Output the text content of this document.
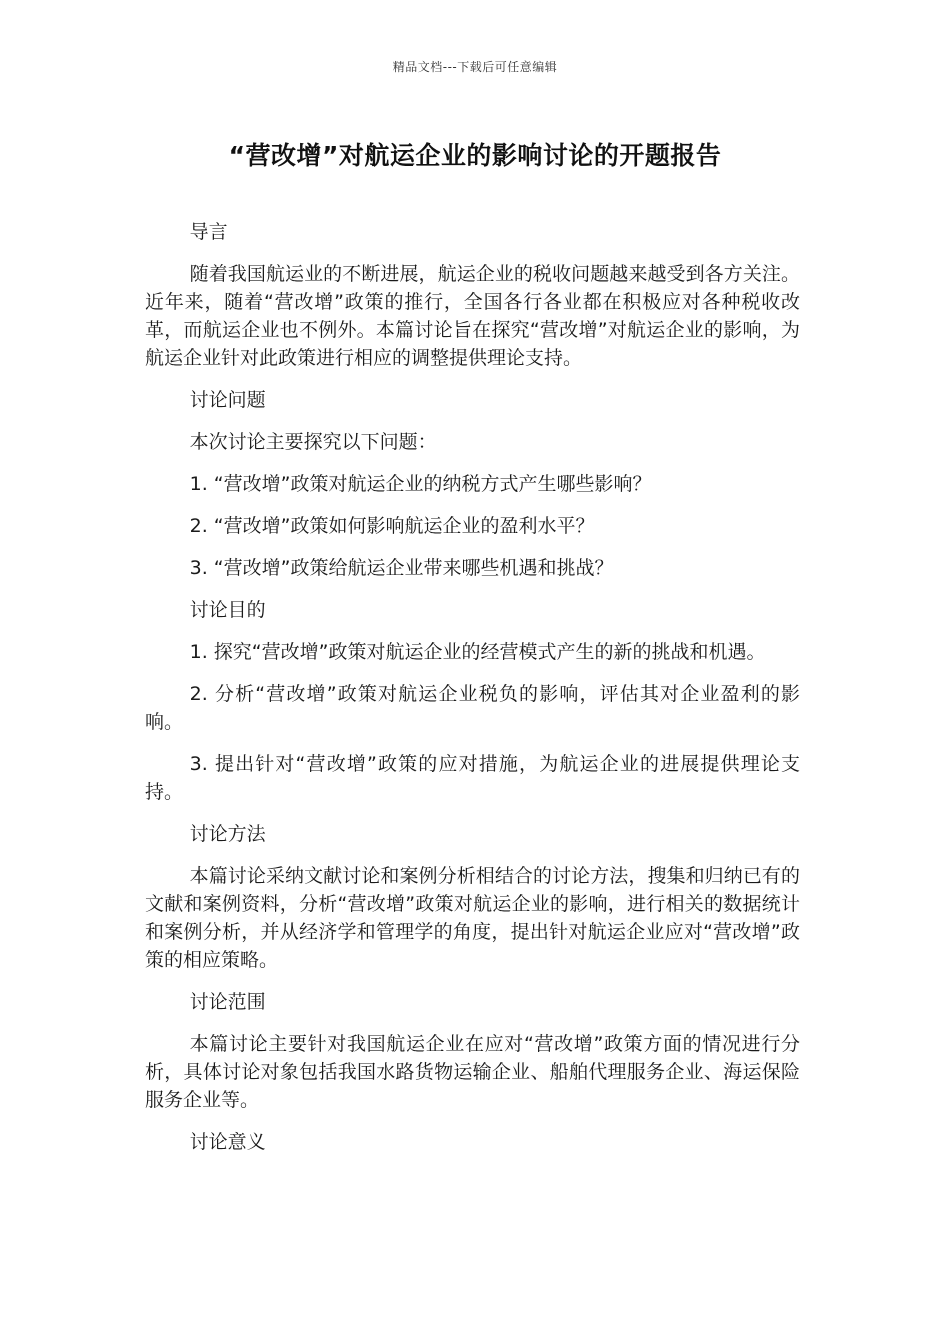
精品文档---下载后可任意编辑
“营改增”对航运企业的影响讨论的开题报告
导言
随着我国航运业的不断进展，航运企业的税收问题越来越受到各方关注。近年来，随着“营改增”政策的推行，全国各行各业都在积极应对各种税收改革，而航运企业也不例外。本篇讨论旨在探究“营改增”对航运企业的影响，为航运企业针对此政策进行相应的调整提供理论支持。
讨论问题
本次讨论主要探究以下问题：
1. “营改增”政策对航运企业的纳税方式产生哪些影响？
2. “营改增”政策如何影响航运企业的盈利水平？
3. “营改增”政策给航运企业带来哪些机遇和挑战？
讨论目的
1. 探究“营改增”政策对航运企业的经营模式产生的新的挑战和机遇。
2. 分析“营改增”政策对航运企业税负的影响，评估其对企业盈利的影响。
3. 提出针对“营改增”政策的应对措施，为航运企业的进展提供理论支持。
讨论方法
本篇讨论采纳文献讨论和案例分析相结合的讨论方法，搜集和归纳已有的文献和案例资料，分析“营改增”政策对航运企业的影响，进行相关的数据统计和案例分析，并从经济学和管理学的角度，提出针对航运企业应对“营改增”政策的相应策略。
讨论范围
本篇讨论主要针对我国航运企业在应对“营改增”政策方面的情况进行分析，具体讨论对象包括我国水路货物运输企业、船舶代理服务企业、海运保险服务企业等。
讨论意义
